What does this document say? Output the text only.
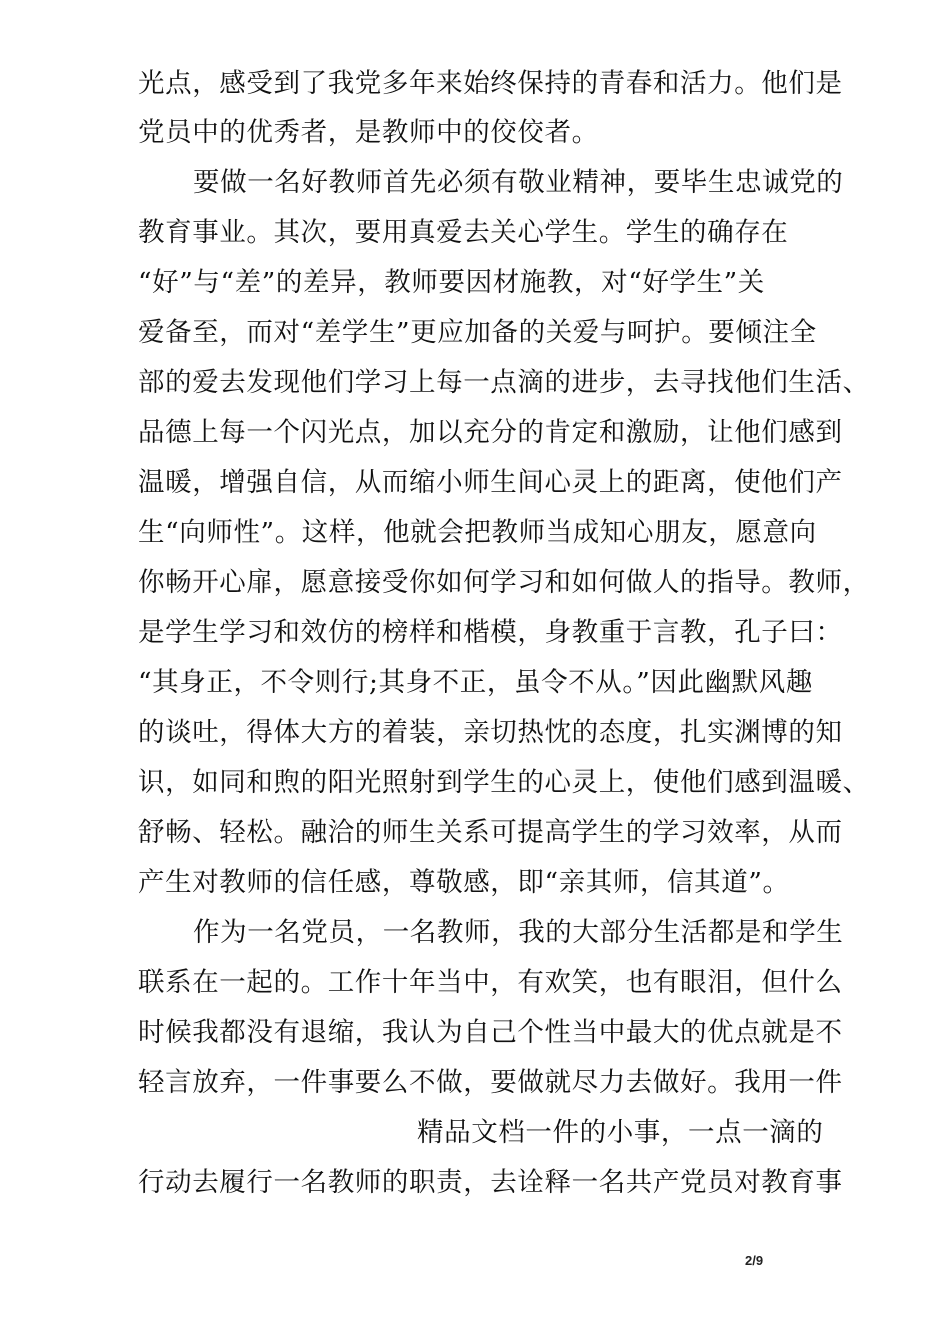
光点，感受到了我党多年来始终保持的青春和活力。他们是
党员中的优秀者，是教师中的佼佼者。
要做一名好教师首先必须有敬业精神，要毕生忠诚党的
教育事业。其次，要用真爱去关心学生。学生的确存在
“好”与“差”的差异，教师要因材施教，对“好学生”关
爱备至，而对“差学生”更应加备的关爱与呵护。要倾注全
部的爱去发现他们学习上每一点滴的进步，去寻找他们生活、
品德上每一个闪光点，加以充分的肯定和激励，让他们感到
温暖，增强自信，从而缩小师生间心灵上的距离，使他们产
生“向师性”。这样，他就会把教师当成知心朋友，愿意向
你畅开心扉，愿意接受你如何学习和如何做人的指导。教师，
是学生学习和效仿的榜样和楷模，身教重于言教，孔子曰：
“其身正，不令则行;其身不正，虽令不从。”因此幽默风趣
的谈吐，得体大方的着装，亲切热忱的态度，扎实渊博的知
识，如同和煦的阳光照射到学生的心灵上，使他们感到温暖、
舒畅、轻松。融洽的师生关系可提高学生的学习效率，从而
产生对教师的信任感，尊敬感，即“亲其师，信其道”。
作为一名党员，一名教师，我的大部分生活都是和学生
联系在一起的。工作十年当中，有欢笑，也有眼泪，但什么
时候我都没有退缩，我认为自己个性当中最大的优点就是不
轻言放弃，一件事要么不做，要做就尽力去做好。我用一件
精品文档一件的小事，一点一滴的
行动去履行一名教师的职责，去诠释一名共产党员对教育事
2/9
